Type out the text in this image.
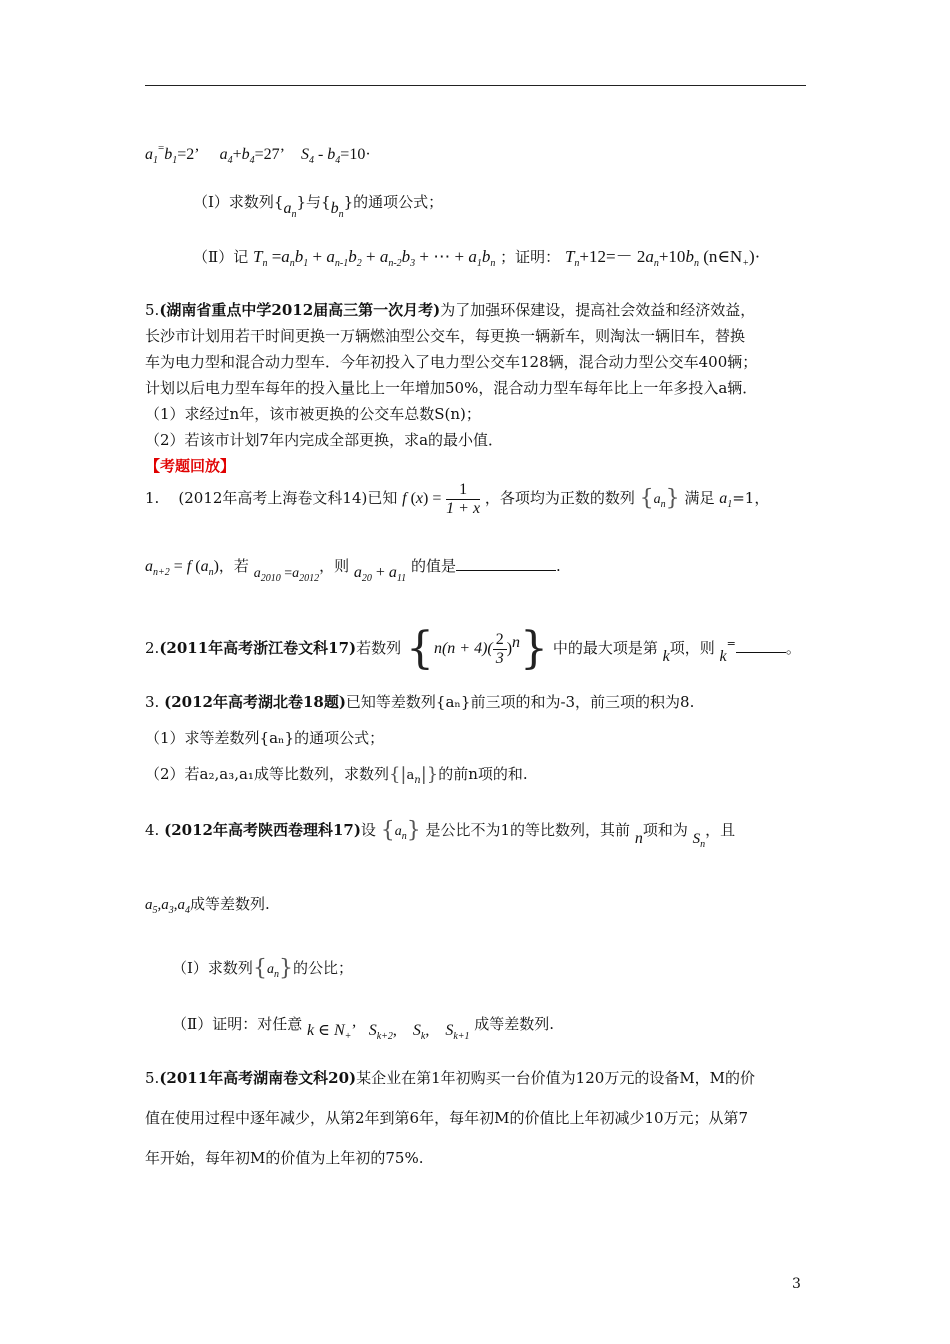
$a_1^=b_1=2$’     $a_4+b_4=27$’    $S_4 - b_4=10\cdot$
（Ⅰ）求数列$\{a_n\}$与$\{b_n\}$的通项公式；
（Ⅱ）记 $T_n =a_nb_1 + a_{n-1}b_2 + a_{n-2}b_3$ + ⋯ + $a_1b_n$ ；证明： $T_n+12=- 2a_n+10b_n$ $(n\in N_+)\cdot$
5.(湖南省重点中学2012届高三第一次月考)为了加强环保建设，提高社会效益和经济效益，
长沙市计划用若干时间更换一万辆燃油型公交车，每更换一辆新车，则淘汰一辆旧车，替换
车为电力型和混合动力型车．今年初投入了电力型公交车128辆，混合动力型公交车400辆；
计划以后电力型车每年的投入量比上一年增加50%，混合动力型车每年比上一年多投入a辆．
（1）求经过n年，该市被更换的公交车总数S(n)；
（2）若该市计划7年内完成全部更换，求a的最小值．
【考题回放】
1. (2012年高考上海卷文科14)已知 f $(x) = \frac{1}{1 + x}$ ，各项均为正数的数列 $\{a_n\}$ 满足 $a_1=1$，
$a_{n+2} = f$ $(a_n)$，若 $a_{2010} =a_{2012}$，则 $a_{20} + a_{11}$ 的值是	.
2.(2011年高考浙江卷文科17)若数列 $\{n(n + 4)( \frac{2}{3} )^n\}$ 中的最大项是第 k项，则 k=	。
3. (2012年高考湖北卷18题)已知等差数列{aₙ}前三项的和为-3，前三项的积为8.
（1）求等差数列{aₙ}的通项公式；
（2）若a₂,a₃,a₁成等比数列，求数列$\{|a_n|\}$的前n项的和.
4. (2012年高考陕西卷理科17)设 $\{a_n\}$ 是公比不为1的等比数列，其前 n项和为 $S_n$，且
$a_5,a_3,a_4$成等差数列.
（Ⅰ）求数列$\{a_n\}$的公比；
（Ⅱ）证明：对任意 k ∈ $N_+$’   $S_{k+2}$,    $S_k$,    $S_{k+1}$ 成等差数列.
5.(2011年高考湖南卷文科20)某企业在第1年初购买一台价值为120万元的设备M，M的价
值在使用过程中逐年减少，从第2年到第6年，每年初M的价值比上年初减少10万元；从第7
年开始，每年初M的价值为上年初的75%.
3
